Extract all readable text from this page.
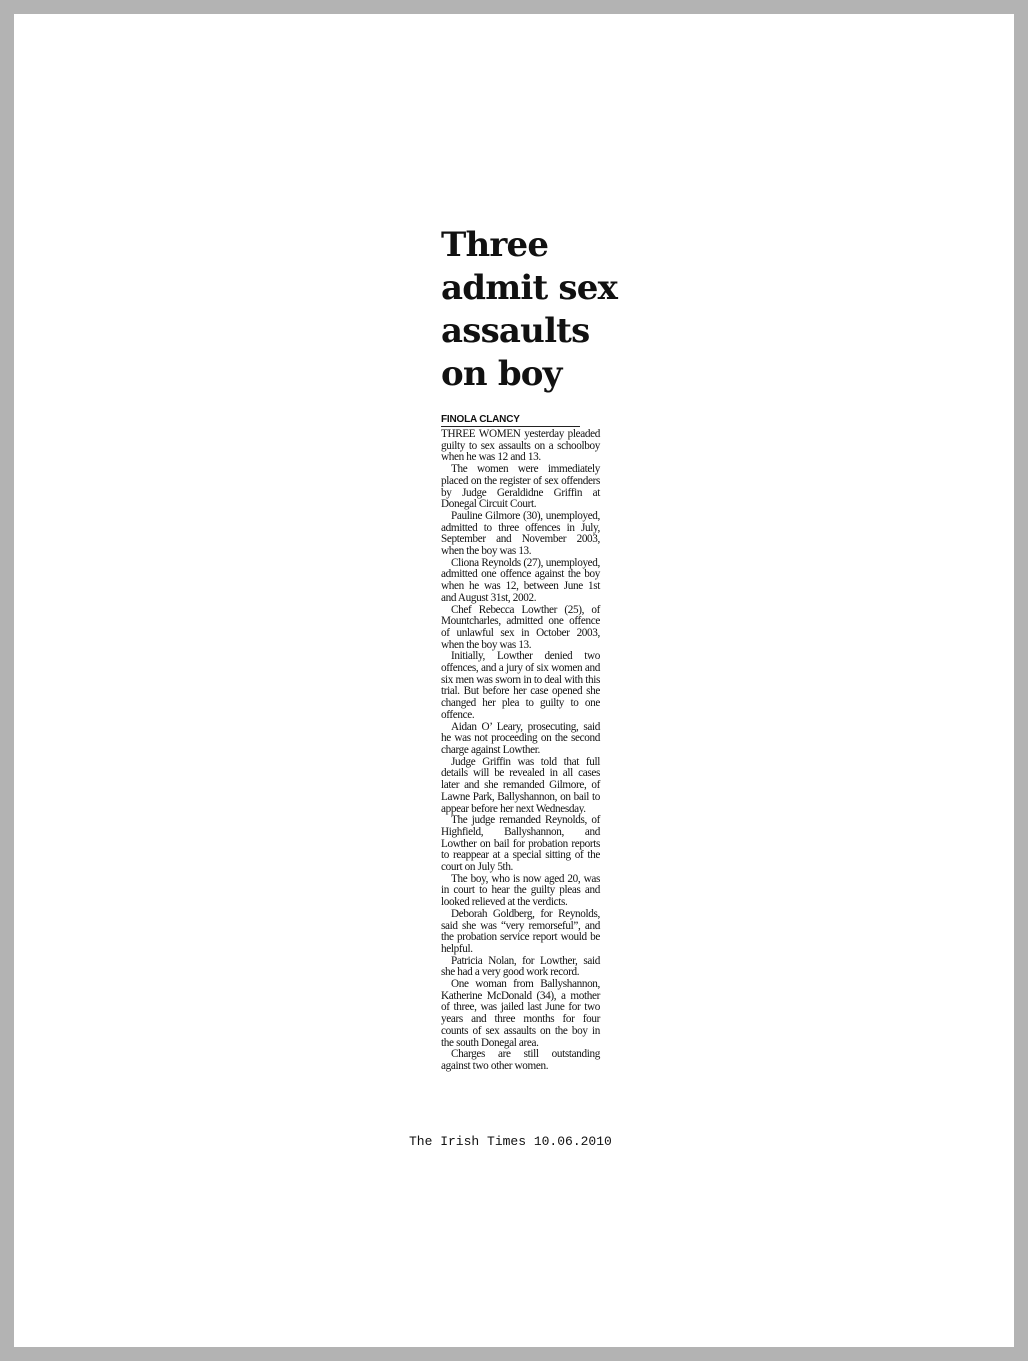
Three
admit sex
assaults
on boy
FINOLA CLANCY

THREE WOMEN yesterday pleaded guilty to sex assaults on a schoolboy when he was 12 and 13.

The women were immediately placed on the register of sex offenders by Judge Geraldidne Griffin at Donegal Circuit Court.

Pauline Gilmore (30), unemployed, admitted to three offences in July, September and November 2003, when the boy was 13.

Cliona Reynolds (27), unemployed, admitted one offence against the boy when he was 12, between June 1st and August 31st, 2002.

Chef Rebecca Lowther (25), of Mountcharles, admitted one offence of unlawful sex in October 2003, when the boy was 13.

Initially, Lowther denied two offences, and a jury of six women and six men was sworn in to deal with this trial. But before her case opened she changed her plea to guilty to one offence.

Aidan O’ Leary, prosecuting, said he was not proceeding on the second charge against Lowther.

Judge Griffin was told that full details will be revealed in all cases later and she remanded Gilmore, of Lawne Park, Ballyshannon, on bail to appear before her next Wednesday.

The judge remanded Reynolds, of Highfield, Ballyshannon, and Lowther on bail for probation reports to reappear at a special sitting of the court on July 5th.

The boy, who is now aged 20, was in court to hear the guilty pleas and looked relieved at the verdicts.

Deborah Goldberg, for Reynolds, said she was “very remorseful”, and the probation service report would be helpful.

Patricia Nolan, for Lowther, said she had a very good work record.

One woman from Ballyshannon, Katherine McDonald (34), a mother of three, was jailed last June for two years and three months for four counts of sex assaults on the boy in the south Donegal area.

Charges are still outstanding against two other women.

The Irish Times 10.06.2010
